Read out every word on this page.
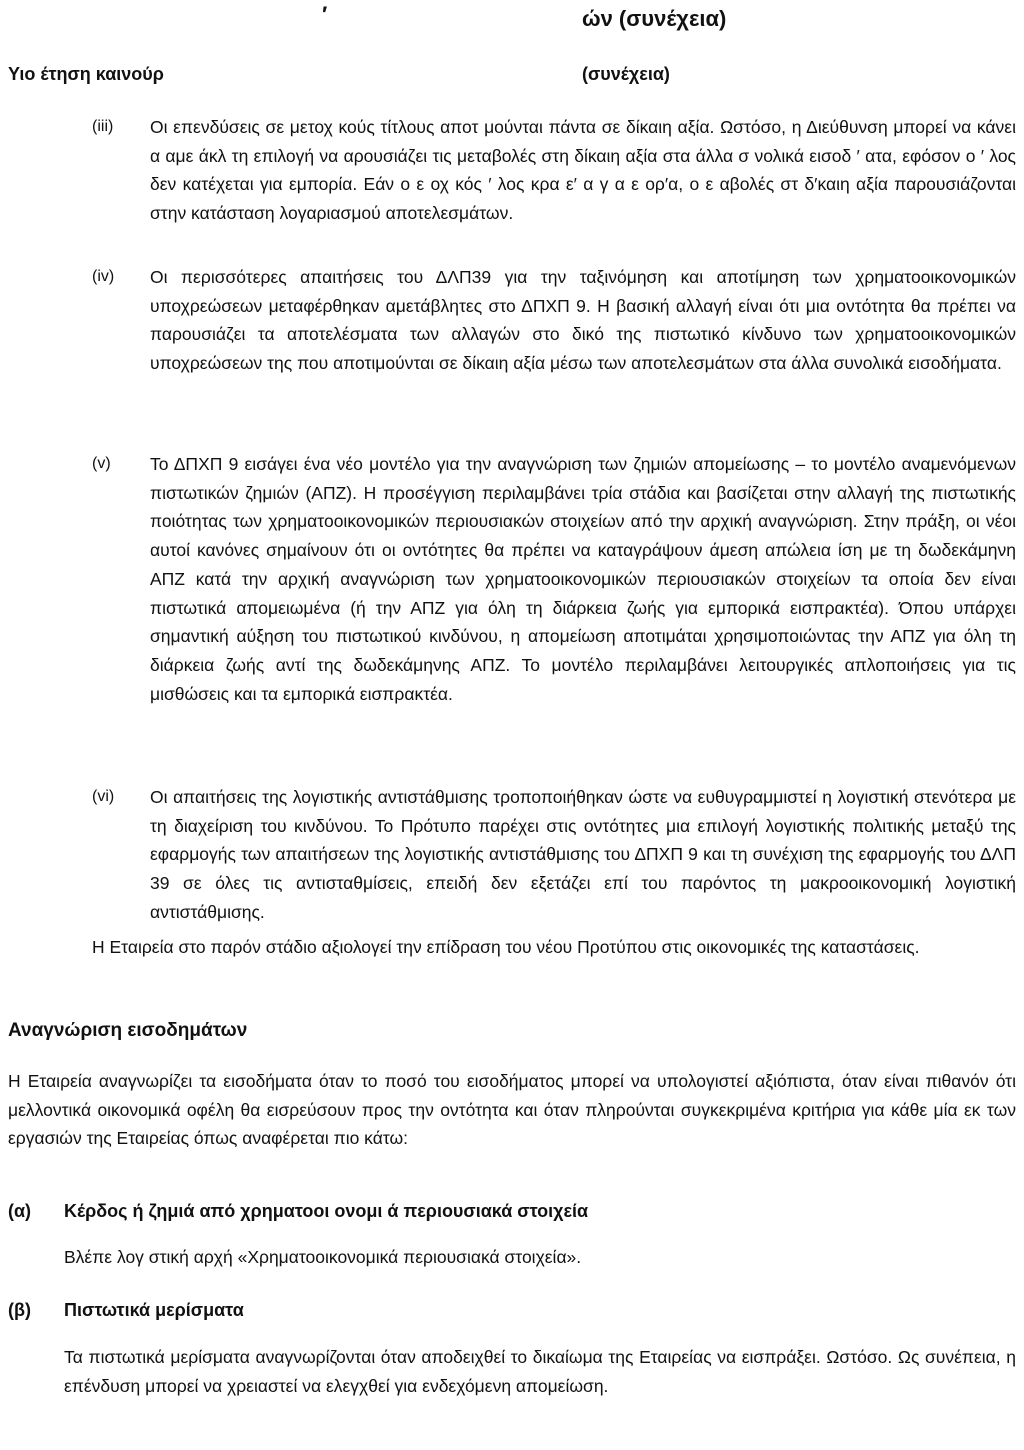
′	ών (συνέχεια)
Υιο έτηση καινούρ	(συνέχεια)
(iii) Οι επενδύσεις σε μετοχ κούς τίτλους αποτ μούνται πάντα σε δίκαιη αξία. Ωστόσο, η Διεύθυνση μπορεί να κάνει α αμε άκλ τη επιλογή να αρουσιάζει τις μεταβολές στη δίκαιη αξία στα άλλα σ νολικά εισοδ ′ ατα, εφόσον ο ′ λος δεν κατέχεται για εμπορία. Εάν ο ε οχ κός ′ λος κρα ε′ α γ α ε ορ′α, ο ε αβολές στ δ′καιη αξία παρουσιάζονται στην κατάσταση λογαριασμού αποτελεσμάτων.
(iv) Οι περισσότερες απαιτήσεις του ΔΛΠ39 για την ταξινόμηση και αποτίμηση των χρηματοοικονομικών υποχρεώσεων μεταφέρθηκαν αμετάβλητες στο ΔΠΧΠ 9. Η βασική αλλαγή είναι ότι μια οντότητα θα πρέπει να παρουσιάζει τα αποτελέσματα των αλλαγών στο δικό της πιστωτικό κίνδυνο των χρηματοοικονομικών υποχρεώσεων της που αποτιμούνται σε δίκαιη αξία μέσω των αποτελεσμάτων στα άλλα συνολικά εισοδήματα.
(v) Το ΔΠΧΠ 9 εισάγει ένα νέο μοντέλο για την αναγνώριση των ζημιών απομείωσης – το μοντέλο αναμενόμενων πιστωτικών ζημιών (ΑΠΖ). Η προσέγγιση περιλαμβάνει τρία στάδια και βασίζεται στην αλλαγή της πιστωτικής ποιότητας των χρηματοοικονομικών περιουσιακών στοιχείων από την αρχική αναγνώριση. Στην πράξη, οι νέοι αυτοί κανόνες σημαίνουν ότι οι οντότητες θα πρέπει να καταγράψουν άμεση απώλεια ίση με τη δωδεκάμηνη ΑΠΖ κατά την αρχική αναγνώριση των χρηματοοικονομικών περιουσιακών στοιχείων τα οποία δεν είναι πιστωτικά απομειωμένα (ή την ΑΠΖ για όλη τη διάρκεια ζωής για εμπορικά εισπρακτέα). Όπου υπάρχει σημαντική αύξηση του πιστωτικού κινδύνου, η απομείωση αποτιμάται χρησιμοποιώντας την ΑΠΖ για όλη τη διάρκεια ζωής αντί της δωδεκάμηνης ΑΠΖ. Το μοντέλο περιλαμβάνει λειτουργικές απλοποιήσεις για τις μισθώσεις και τα εμπορικά εισπρακτέα.
(vi) Οι απαιτήσεις της λογιστικής αντιστάθμισης τροποποιήθηκαν ώστε να ευθυγραμμιστεί η λογιστική στενότερα με τη διαχείριση του κινδύνου. Το Πρότυπο παρέχει στις οντότητες μια επιλογή λογιστικής πολιτικής μεταξύ της εφαρμογής των απαιτήσεων της λογιστικής αντιστάθμισης του ΔΠΧΠ 9 και τη συνέχιση της εφαρμογής του ΔΛΠ 39 σε όλες τις αντισταθμίσεις, επειδή δεν εξετάζει επί του παρόντος τη μακροοικονομική λογιστική αντιστάθμισης.
Η Εταιρεία στο παρόν στάδιο αξιολογεί την επίδραση του νέου Προτύπου στις οικονομικές της καταστάσεις.
Αναγνώριση εισοδημάτων
Η Εταιρεία αναγνωρίζει τα εισοδήματα όταν το ποσό του εισοδήματος μπορεί να υπολογιστεί αξιόπιστα, όταν είναι πιθανόν ότι μελλοντικά οικονομικά οφέλη θα εισρεύσουν προς την οντότητα και όταν πληρούνται συγκεκριμένα κριτήρια για κάθε μία εκ των εργασιών της Εταιρείας όπως αναφέρεται πιο κάτω:
(α) Κέρδος ή ζημιά από χρηματοοι ονομι ά περιουσιακά στοιχεία
Βλέπε λογ στική αρχή «Χρηματοοικονομικά περιουσιακά στοιχεία».
(β) Πιστωτικά μερίσματα
Τα πιστωτικά μερίσματα αναγνωρίζονται όταν αποδειχθεί το δικαίωμα της Εταιρείας να εισπράξει. Ωστόσο. Ως συνέπεια, η επένδυση μπορεί να χρειαστεί να ελεγχθεί για ενδεχόμενη απομείωση.
